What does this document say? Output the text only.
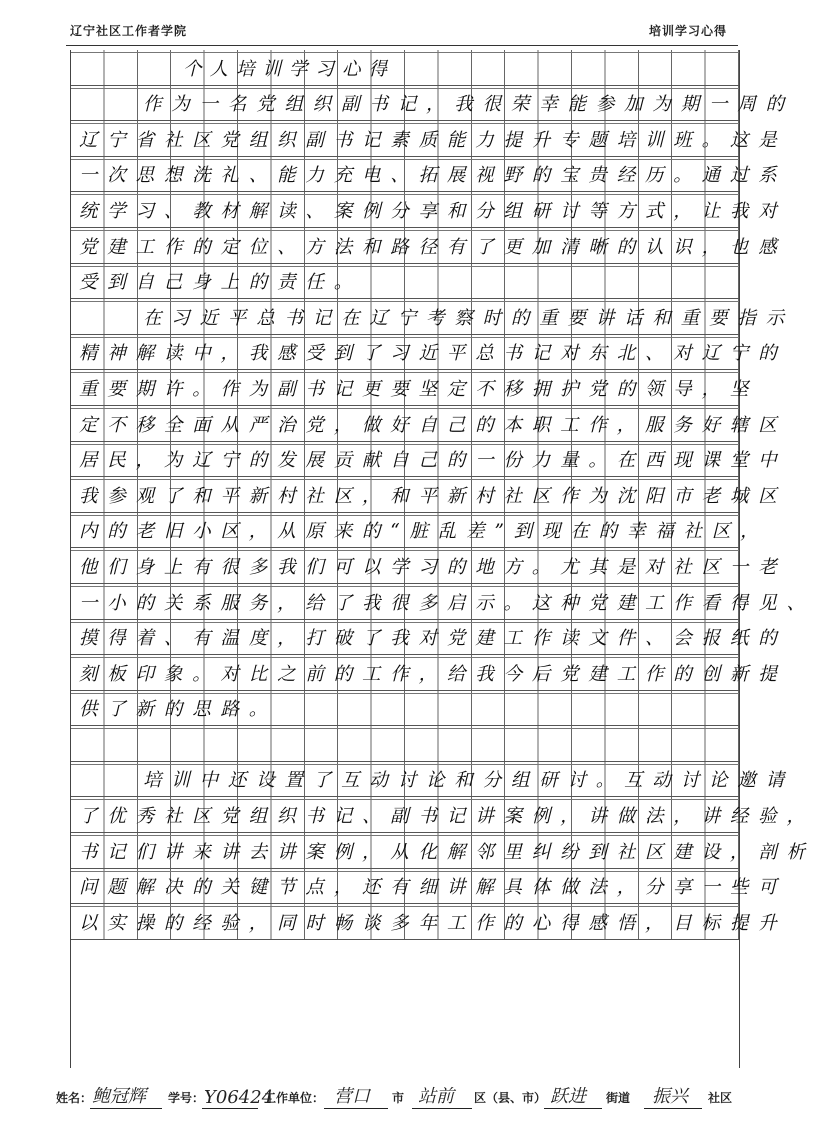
辽宁社区工作者学院	培训学习心得
个人培训学习心得
作为一名党组织副书记，我很荣幸能参加为期一周的
辽宁省社区党组织副书记素质能力提升专题培训班。这是
一次思想洗礼、能力充电、拓展视野的宝贵经历。通过系
统学习、教材解读、案例分享和分组研讨等方式，让我对
党建工作的定位、方法和路径有了更加清晰的认识，也感
受到自己身上的责任。
在习近平总书记在辽宁考察时的重要讲话和重要指示
精神解读中，我感受到了习近平总书记对东北、对辽宁的
重要期许。作为副书记更要坚定不移拥护党的领导，坚
定不移全面从严治党，做好自己的本职工作，服务好辖区
居民，为辽宁的发展贡献自己的一份力量。在西现课堂中
我参观了和平新村社区，和平新村社区作为沈阳市老城区
内的老旧小区，从原来的“脏乱差”到现在的幸福社区，
他们身上有很多我们可以学习的地方。尤其是对社区一老
一小的关系服务，给了我很多启示。这种党建工作看得见、
摸得着、有温度，打破了我对党建工作读文件、会报纸的
刻板印象。对比之前的工作，给我今后党建工作的创新提
供了新的思路。
培训中还设置了互动讨论和分组研讨。互动讨论邀请
了优秀社区党组织书记、副书记讲案例，讲做法，讲经验，
书记们讲来讲去讲案例，从化解邻里纠纷到社区建设，剖析
问题解决的关键节点，还有细讲解具体做法，分享一些可
以实操的经验，同时畅谈多年工作的心得感悟，目标提升
姓名： 鲍冠辉 学号： Y06424
工作单位： 营口 市 站前 区（县、市） 跃进 街道 振兴 社区
